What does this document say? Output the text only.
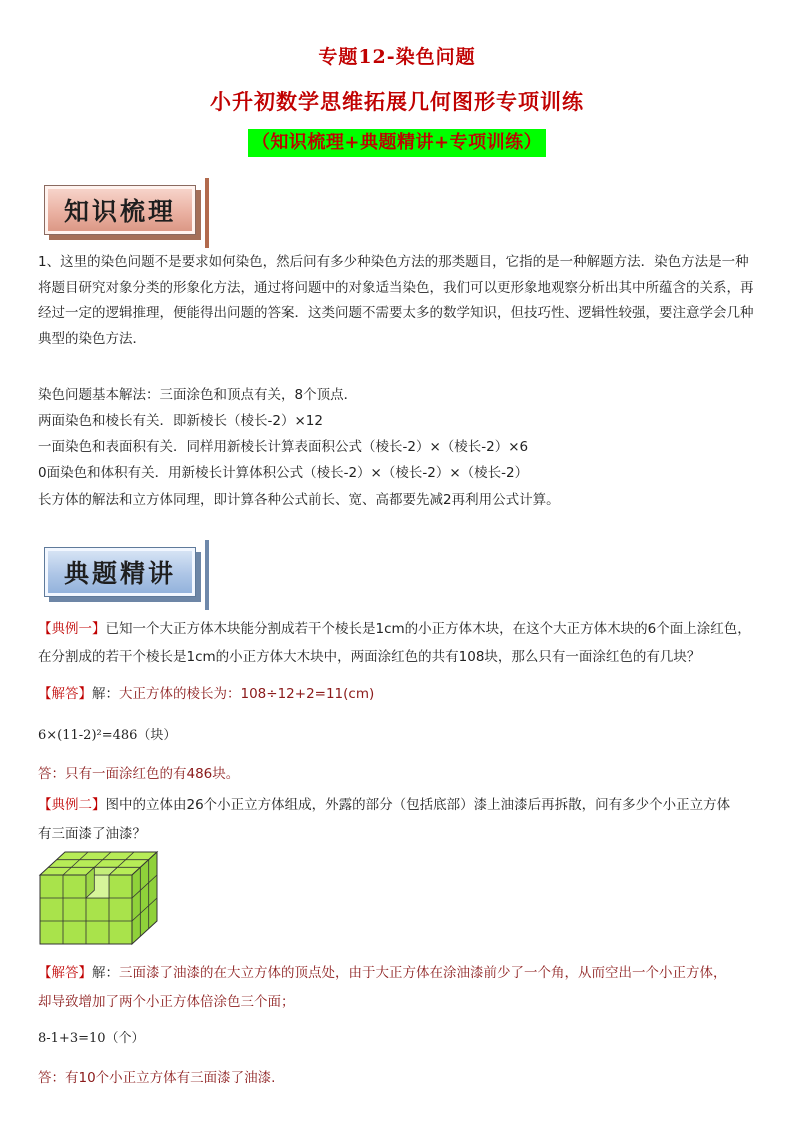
专题12-染色问题
小升初数学思维拓展几何图形专项训练
（知识梳理+典题精讲+专项训练）
知识梳理
1、这里的染色问题不是要求如何染色，然后问有多少种染色方法的那类题目，它指的是一种解题方法．染色方法是一种将题目研究对象分类的形象化方法，通过将问题中的对象适当染色，我们可以更形象地观察分析出其中所蕴含的关系，再经过一定的逻辑推理，便能得出问题的答案．这类问题不需要太多的数学知识，但技巧性、逻辑性较强，要注意学会几种典型的染色方法．
染色问题基本解法：三面涂色和顶点有关，8个顶点．
两面染色和棱长有关．即新棱长（棱长-2）×12
一面染色和表面积有关．同样用新棱长计算表面积公式（棱长-2）×（棱长-2）×6
0面染色和体积有关．用新棱长计算体积公式（棱长-2）×（棱长-2）×（棱长-2）
长方体的解法和立方体同理，即计算各种公式前长、宽、高都要先减2再利用公式计算。
典题精讲
【典例一】已知一个大正方体木块能分割成若干个棱长是1cm的小正方体木块，在这个大正方体木块的6个面上涂红色，
在分割成的若干个棱长是1cm的小正方体大木块中，两面涂红色的共有108块，那么只有一面涂红色的有几块？
【解答】解：大正方体的棱长为：108÷12+2=11(cm)
6×(11-2)²=486（块）
答：只有一面涂红色的有486块。
【典例二】图中的立体由26个小正立方体组成，外露的部分（包括底部）漆上油漆后再拆散，问有多少个小正立方体
有三面漆了油漆？
【解答】解：三面漆了油漆的在大立方体的顶点处，由于大正方体在涂油漆前少了一个角，从而空出一个小正方体，
却导致增加了两个小正方体倍涂色三个面；
8-1+3=10（个）
答：有10个小正立方体有三面漆了油漆.
